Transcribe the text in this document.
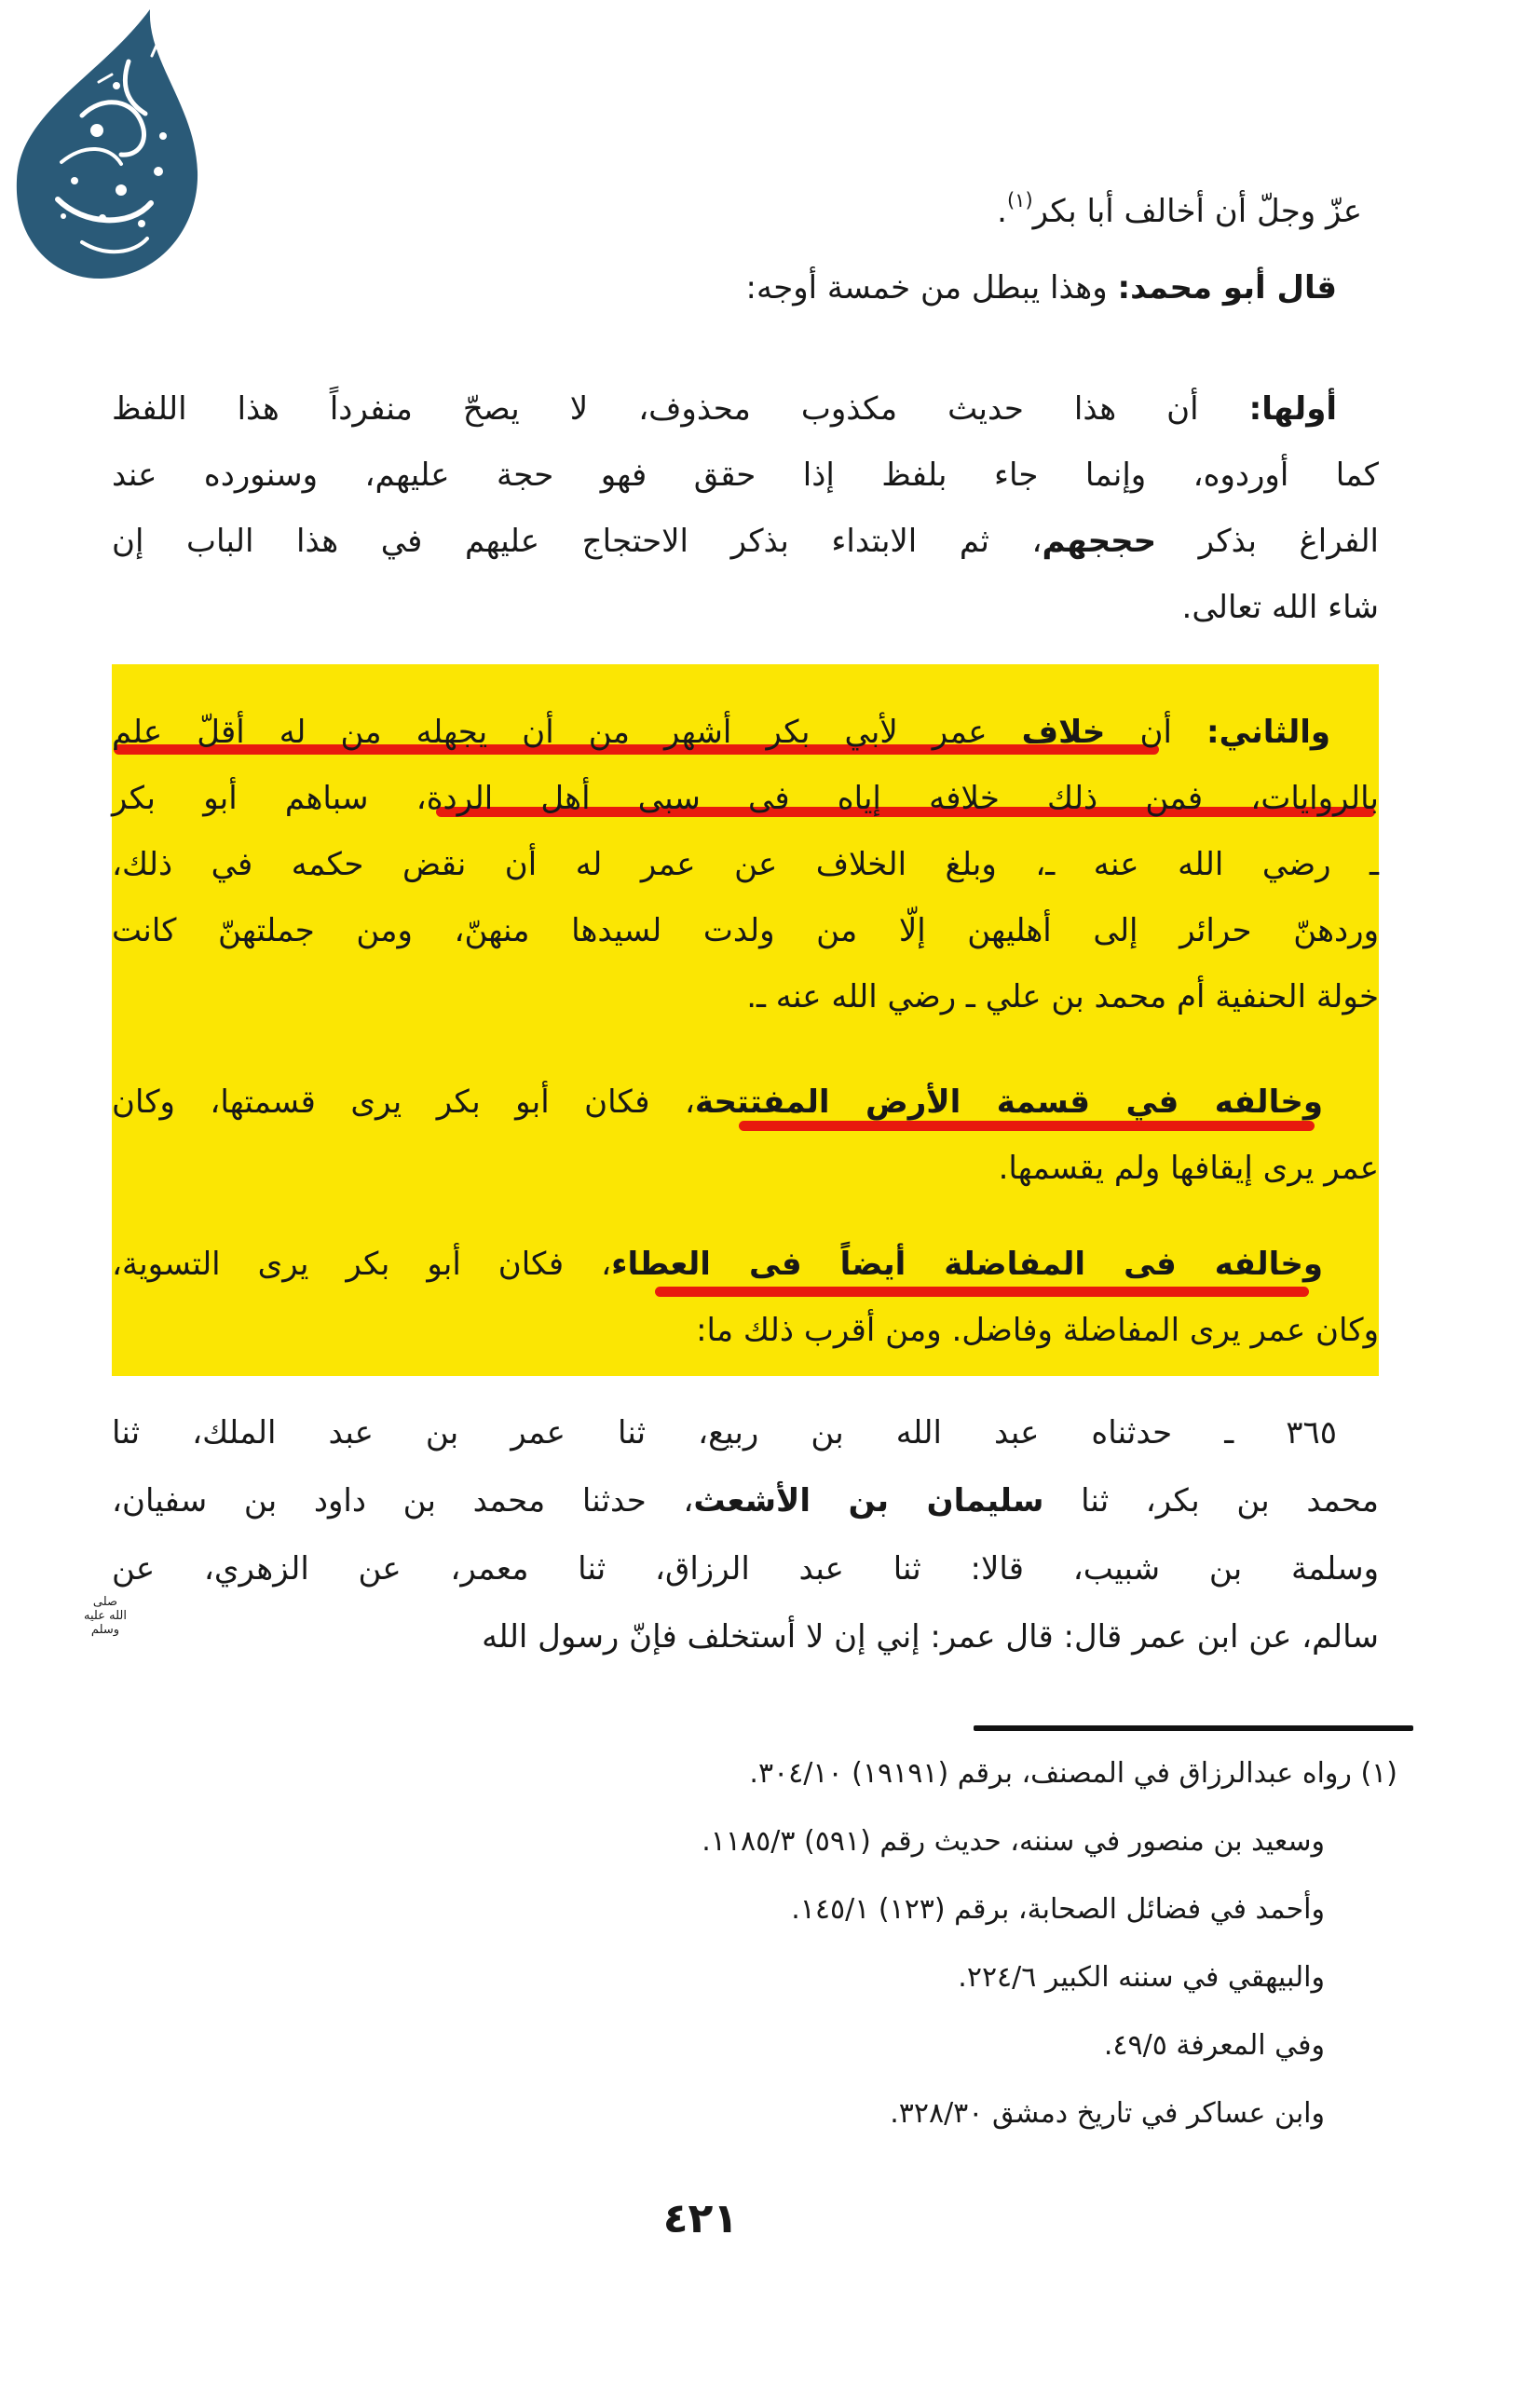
عزّ وجلّ أن أخالف أبا بكر$^{(١)}$.
قال أبو محمد: وهذا يبطل من خمسة أوجه:
أولها: أن هذا حديث مكذوب محذوف، لا يصحّ منفرداً هذا اللفظ
كما أوردوه، وإنما جاء بلفظ إذا حقق فهو حجة عليهم، وسنورده عند
الفراغ بذكر حججهم، ثم الابتداء بذكر الاحتجاج عليهم في هذا الباب إن
شاء الله تعالى.
والثاني: أن خلاف عمر لأبي بكر أشهر من أن يجهله من له أقلّ علم
بالروايات، فمن ذلك خلافه إياه فى سبى أهل الردة، سباهم أبو بكر
ـ رضي الله عنه ـ، وبلغ الخلاف عن عمر له أن نقض حكمه في ذلك،
وردهنّ حرائر إلى أهليهن إلّا من ولدت لسيدها منهنّ، ومن جملتهنّ كانت
خولة الحنفية أم محمد بن علي ـ رضي الله عنه ـ.
وخالفه في قسمة الأرض المفتتحة، فكان أبو بكر يرى قسمتها، وكان
عمر يرى إيقافها ولم يقسمها.
وخالفه فى المفاضلة أيضاً فى العطاء، فكان أبو بكر يرى التسوية،
وكان عمر يرى المفاضلة وفاضل. ومن أقرب ذلك ما:
٣٦٥ ـ حدثناه عبد الله بن ربيع، ثنا عمر بن عبد الملك، ثنا
محمد بن بكر، ثنا سليمان بن الأشعث، حدثنا محمد بن داود بن سفيان،
وسلمة بن شبيب، قالا: ثنا عبد الرزاق، ثنا معمر، عن الزهري، عن
سالم، عن ابن عمر قال: قال عمر: إني إن لا أستخلف فإنّ رسول الله
صلى
الله عليه
وسلم
(١) رواه عبدالرزاق في المصنف، برقم (١٩١٩١) ٣٠٤/١٠.
وسعيد بن منصور في سننه، حديث رقم (٥٩١) ١١٨٥/٣.
وأحمد في فضائل الصحابة، برقم (١٢٣) ١٤٥/١.
والبيهقي في سننه الكبير ٢٢٤/٦.
وفي المعرفة ٤٩/٥.
وابن عساكر في تاريخ دمشق ٣٢٨/٣٠.
٤٢١
